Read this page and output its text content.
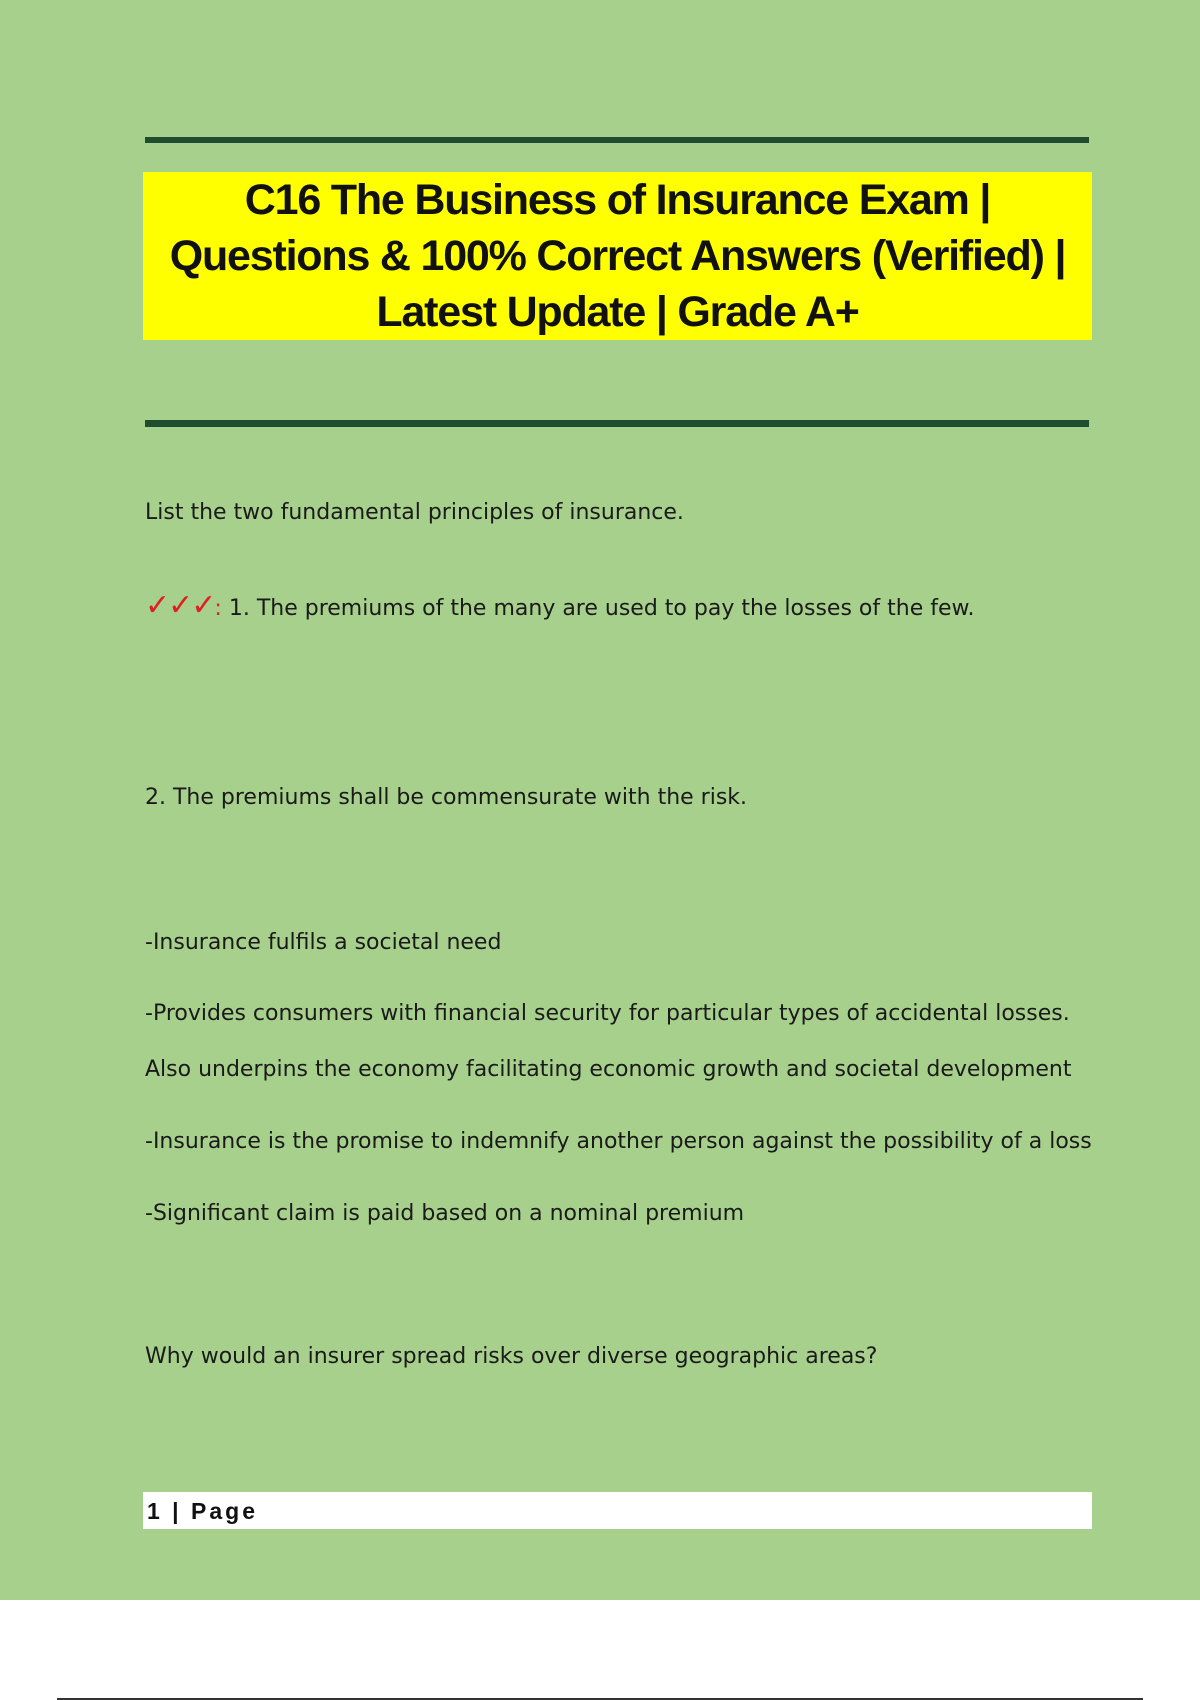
C16 The Business of Insurance Exam | Questions & 100% Correct Answers (Verified) | Latest Update | Grade A+
List the two fundamental principles of insurance.
✓✓✓: 1. The premiums of the many are used to pay the losses of the few.
2. The premiums shall be commensurate with the risk.
-Insurance fulfils a societal need
-Provides consumers with financial security for particular types of accidental losses.
Also underpins the economy facilitating economic growth and societal development
-Insurance is the promise to indemnify another person against the possibility of a loss
-Significant claim is paid based on a nominal premium
Why would an insurer spread risks over diverse geographic areas?
1 | Page
